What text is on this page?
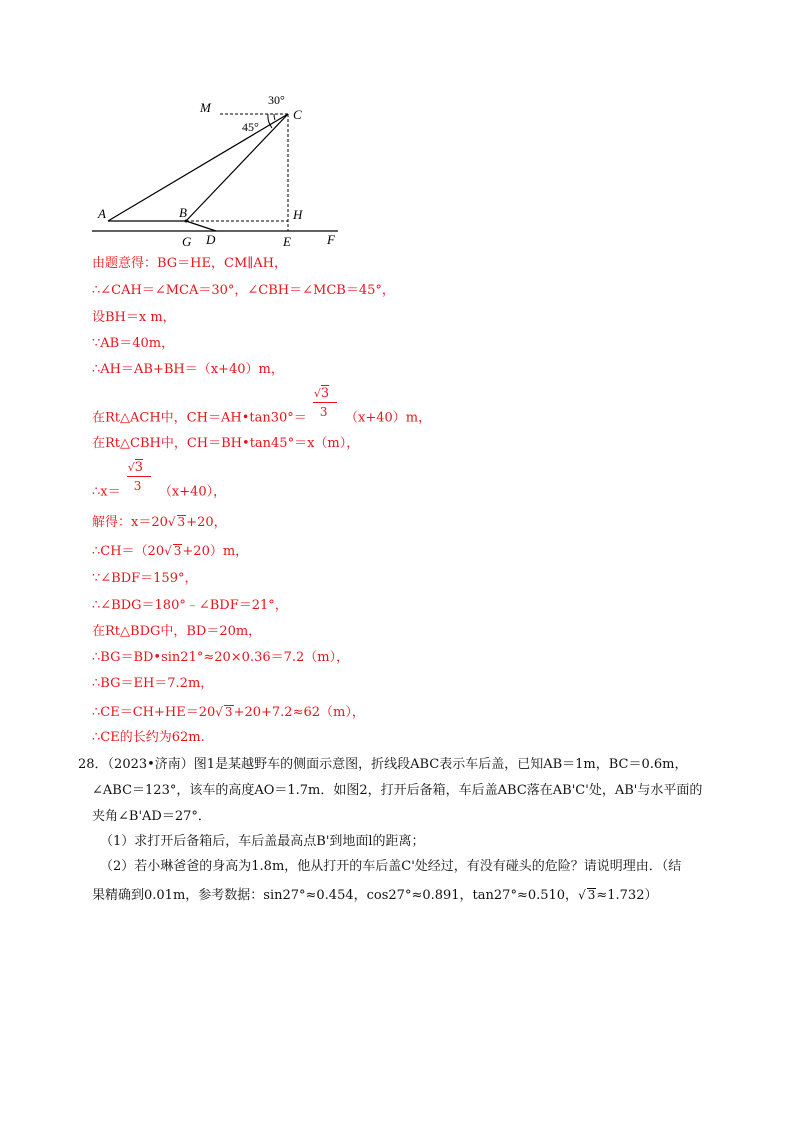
M	30°
C
45°
A	B	H
G D	E	F
由题意得：BG＝HE，CM∥AH，
∴∠CAH＝∠MCA＝30°，∠CBH＝∠MCB＝45°，
设BH＝x m，
∵AB＝40m，
∴AH＝AB+BH＝（x+40）m，
在Rt△ACH中，CH＝AH•tan30°＝ $\frac{√3}{3} (x+40)m$，
在Rt△CBH中，CH＝BH•tan45°＝x（m），
∴x＝ $\frac{√3}{3} (x+40)$，
解得：x＝20√ 3+20，
∴CH＝（20√ 3+20）m，
∵∠BDF＝159°，
∴∠BDG＝180°﹣∠BDF＝21°，
在Rt△BDG中，BD＝20m，
∴BG＝BD•sin21°≈20×0.36＝7.2（m），
∴BG＝EH＝7.2m，
∴CE＝CH+HE＝20√ 3+20+7.2≈62（m），
∴CE的长约为62m.
28．（2023•济南）图1是某越野车的侧面示意图，折线段ABC表示车后盖，已知AB＝1m，BC＝0.6m，
∠ABC＝123°，该车的高度AO＝1.7m．如图2，打开后备箱，车后盖ABC落在AB'C'处，AB'与水平面的
夹角∠B'AD＝27°．
（1）求打开后备箱后，车后盖最高点B'到地面l的距离；
（2）若小琳爸爸的身高为1.8m，他从打开的车后盖C'处经过，有没有碰头的危险？请说明理由．（结
果精确到0.01m，参考数据：sin27°≈0.454，cos27°≈0.891，tan27°≈0.510，√ 3≈1.732）
